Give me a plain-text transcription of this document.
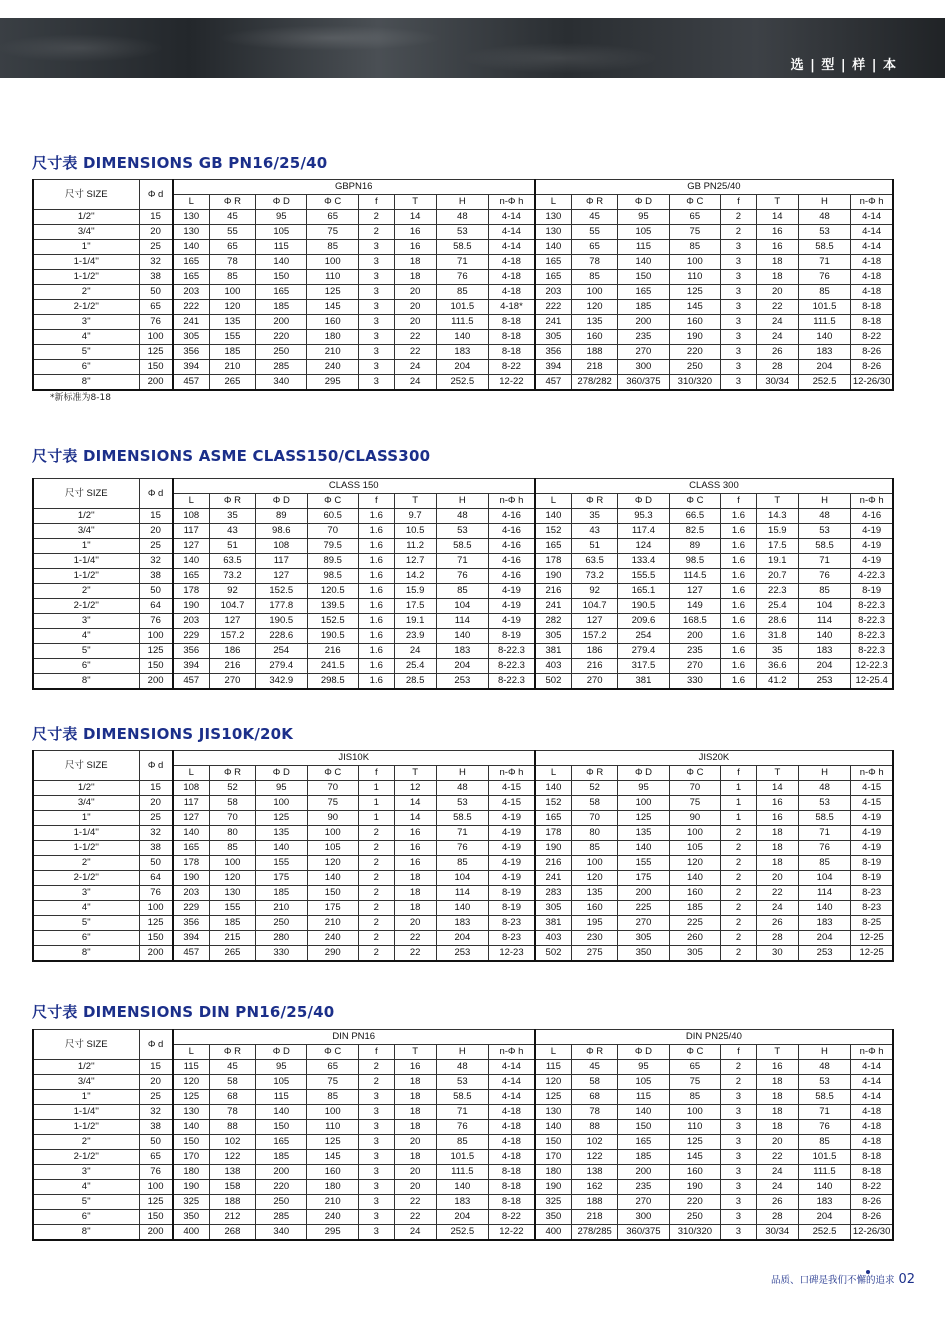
选 | 型 | 样 | 本
尺寸表 DIMENSIONS GB PN16/25/40
尺寸 SIZE	Φ d	GBPN16								GB PN25/40							
		L	Φ R	Φ D	Φ C	f	T	H	n-Φ h	L	Φ R	Φ D	Φ C	f	T	H	n-Φ h
1/2''	15	130	45	95	65	2	14	48	4-14	130	45	95	65	2	14	48	4-14
3/4''	20	130	55	105	75	2	16	53	4-14	130	55	105	75	2	16	53	4-14
1''	25	140	65	115	85	3	16	58.5	4-14	140	65	115	85	3	16	58.5	4-14
1-1/4''	32	165	78	140	100	3	18	71	4-18	165	78	140	100	3	18	71	4-18
1-1/2''	38	165	85	150	110	3	18	76	4-18	165	85	150	110	3	18	76	4-18
2''	50	203	100	165	125	3	20	85	4-18	203	100	165	125	3	20	85	4-18
2-1/2''	65	222	120	185	145	3	20	101.5	4-18*	222	120	185	145	3	22	101.5	8-18
3''	76	241	135	200	160	3	20	111.5	8-18	241	135	200	160	3	24	111.5	8-18
4''	100	305	155	220	180	3	22	140	8-18	305	160	235	190	3	24	140	8-22
5''	125	356	185	250	210	3	22	183	8-18	356	188	270	220	3	26	183	8-26
6''	150	394	210	285	240	3	24	204	8-22	394	218	300	250	3	28	204	8-26
8''	200	457	265	340	295	3	24	252.5	12-22	457	278/282	360/375	310/320	3	30/34	252.5	12-26/30
*新标准为8-18
尺寸表 DIMENSIONS ASME CLASS150/CLASS300
尺寸 SIZE	Φ d	CLASS 150								CLASS 300							
		L	Φ R	Φ D	Φ C	f	T	H	n-Φ h	L	Φ R	Φ D	Φ C	f	T	H	n-Φ h
1/2''	15	108	35	89	60.5	1.6	9.7	48	4-16	140	35	95.3	66.5	1.6	14.3	48	4-16
3/4''	20	117	43	98.6	70	1.6	10.5	53	4-16	152	43	117.4	82.5	1.6	15.9	53	4-19
1''	25	127	51	108	79.5	1.6	11.2	58.5	4-16	165	51	124	89	1.6	17.5	58.5	4-19
1-1/4''	32	140	63.5	117	89.5	1.6	12.7	71	4-16	178	63.5	133.4	98.5	1.6	19.1	71	4-19
1-1/2''	38	165	73.2	127	98.5	1.6	14.2	76	4-16	190	73.2	155.5	114.5	1.6	20.7	76	4-22.3
2''	50	178	92	152.5	120.5	1.6	15.9	85	4-19	216	92	165.1	127	1.6	22.3	85	8-19
2-1/2''	64	190	104.7	177.8	139.5	1.6	17.5	104	4-19	241	104.7	190.5	149	1.6	25.4	104	8-22.3
3''	76	203	127	190.5	152.5	1.6	19.1	114	4-19	282	127	209.6	168.5	1.6	28.6	114	8-22.3
4''	100	229	157.2	228.6	190.5	1.6	23.9	140	8-19	305	157.2	254	200	1.6	31.8	140	8-22.3
5''	125	356	186	254	216	1.6	24	183	8-22.3	381	186	279.4	235	1.6	35	183	8-22.3
6''	150	394	216	279.4	241.5	1.6	25.4	204	8-22.3	403	216	317.5	270	1.6	36.6	204	12-22.3
8''	200	457	270	342.9	298.5	1.6	28.5	253	8-22.3	502	270	381	330	1.6	41.2	253	12-25.4
尺寸表 DIMENSIONS JIS10K/20K
尺寸 SIZE	Φ d	JIS10K								JIS20K							
		L	Φ R	Φ D	Φ C	f	T	H	n-Φ h	L	Φ R	Φ D	Φ C	f	T	H	n-Φ h
1/2''	15	108	52	95	70	1	12	48	4-15	140	52	95	70	1	14	48	4-15
3/4''	20	117	58	100	75	1	14	53	4-15	152	58	100	75	1	16	53	4-15
1''	25	127	70	125	90	1	14	58.5	4-19	165	70	125	90	1	16	58.5	4-19
1-1/4''	32	140	80	135	100	2	16	71	4-19	178	80	135	100	2	18	71	4-19
1-1/2''	38	165	85	140	105	2	16	76	4-19	190	85	140	105	2	18	76	4-19
2''	50	178	100	155	120	2	16	85	4-19	216	100	155	120	2	18	85	8-19
2-1/2''	64	190	120	175	140	2	18	104	4-19	241	120	175	140	2	20	104	8-19
3''	76	203	130	185	150	2	18	114	8-19	283	135	200	160	2	22	114	8-23
4''	100	229	155	210	175	2	18	140	8-19	305	160	225	185	2	24	140	8-23
5''	125	356	185	250	210	2	20	183	8-23	381	195	270	225	2	26	183	8-25
6''	150	394	215	280	240	2	22	204	8-23	403	230	305	260	2	28	204	12-25
8''	200	457	265	330	290	2	22	253	12-23	502	275	350	305	2	30	253	12-25
尺寸表 DIMENSIONS DIN PN16/25/40
尺寸 SIZE	Φ d	DIN PN16								DIN PN25/40							
		L	Φ R	Φ D	Φ C	f	T	H	n-Φ h	L	Φ R	Φ D	Φ C	f	T	H	n-Φ h
1/2''	15	115	45	95	65	2	16	48	4-14	115	45	95	65	2	16	48	4-14
3/4''	20	120	58	105	75	2	18	53	4-14	120	58	105	75	2	18	53	4-14
1''	25	125	68	115	85	3	18	58.5	4-14	125	68	115	85	3	18	58.5	4-14
1-1/4''	32	130	78	140	100	3	18	71	4-18	130	78	140	100	3	18	71	4-18
1-1/2''	38	140	88	150	110	3	18	76	4-18	140	88	150	110	3	18	76	4-18
2''	50	150	102	165	125	3	20	85	4-18	150	102	165	125	3	20	85	4-18
2-1/2''	65	170	122	185	145	3	18	101.5	4-18	170	122	185	145	3	22	101.5	8-18
3''	76	180	138	200	160	3	20	111.5	8-18	180	138	200	160	3	24	111.5	8-18
4''	100	190	158	220	180	3	20	140	8-18	190	162	235	190	3	24	140	8-22
5''	125	325	188	250	210	3	22	183	8-18	325	188	270	220	3	26	183	8-26
6''	150	350	212	285	240	3	22	204	8-22	350	218	300	250	3	28	204	8-26
8''	200	400	268	340	295	3	24	252.5	12-22	400	278/285	360/375	310/320	3	30/34	252.5	12-26/30
品质、口碑是我们不懈的追求 02
